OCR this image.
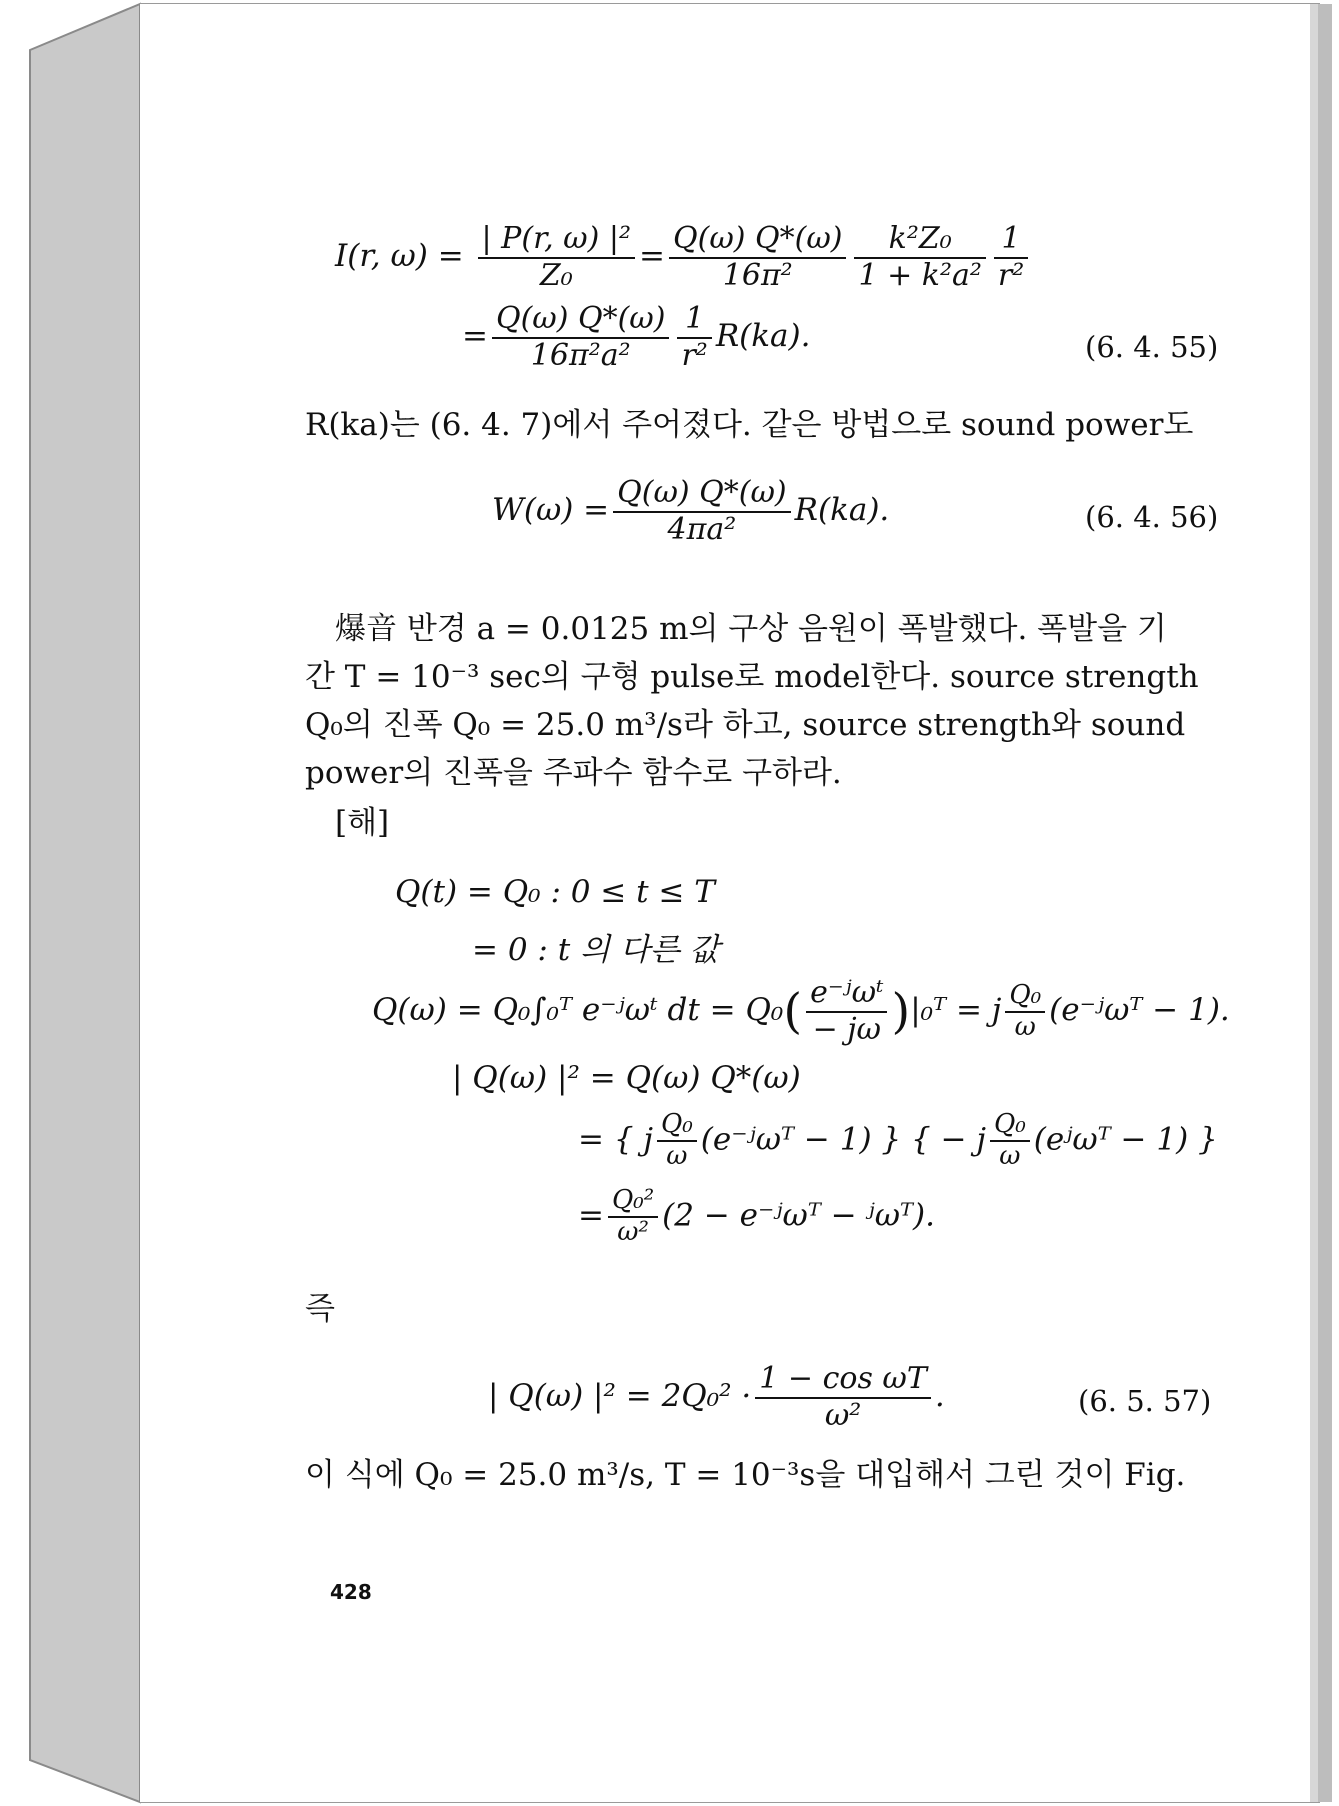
I(r, $\omega) = \frac{\text{| P(r, ω) |²}}{\text{Z₀}} = \frac{Q(\omega) Q*(\omega)}{\text{16π²}} \frac{\text{k²Z₀}}{\text{1 + k²a²}} \frac{1}{\text{r²}}$
= $\frac{Q(\omega) Q*(\omega)}{\text{16π²a²}} \frac{1}{\text{r²}} R(ka)$.	(6. 4. 55)
R(ka)는 (6. 4. 7)에서 주어졌다. 같은 방법으로 sound power도
$W(\omega) = \frac{Q(\omega) Q*(\omega)}{\text{4πa²}} R(ka)$.	(6. 4. 56)
爆音 반경 a = 0.0125 m의 구상 음원이 폭발했다. 폭발을 기
간 T = 10⁻³ sec의 구형 pulse로 model한다. source strength
Q₀의 진폭 Q₀ = 25.0 m³/s라 하고, source strength와 sound
power의 진폭을 주파수 함수로 구하라.
[해]
Q(t) = Q₀ : 0 ≤ t ≤ T
= 0 : t 의 다른 값
Q(ω) = Q₀∫₀ᵀ e⁻ʲωᵗ dt = $Q_0( \frac{\text{e⁻ʲωᵗ}}{- j\omega}$ )|₀ᵀ = j $\frac{\text{Q₀}}{\omega}$ (e⁻ʲωᵀ − 1).
| Q(ω) |² = Q(ω) Q*(ω)
= { j $\frac{\text{Q₀}}{\omega}$ (e⁻ʲωᵀ − 1) } { − j $\frac{\text{Q₀}}{\omega}$ (eʲωᵀ − 1) }
= $\frac{\text{Q₀²}}{\text{ω²}} (2$ − e⁻ʲωᵀ − ʲωᵀ).
즉
| Q(ω) $|^2 = 2Q_0^2 \cdot \frac{\text{1 − cos ωT}}{\text{ω²}}$ .	(6. 5. 57)
이 식에 Q₀ = 25.0 m³/s, T = 10⁻³s을 대입해서 그린 것이 Fig.
428
